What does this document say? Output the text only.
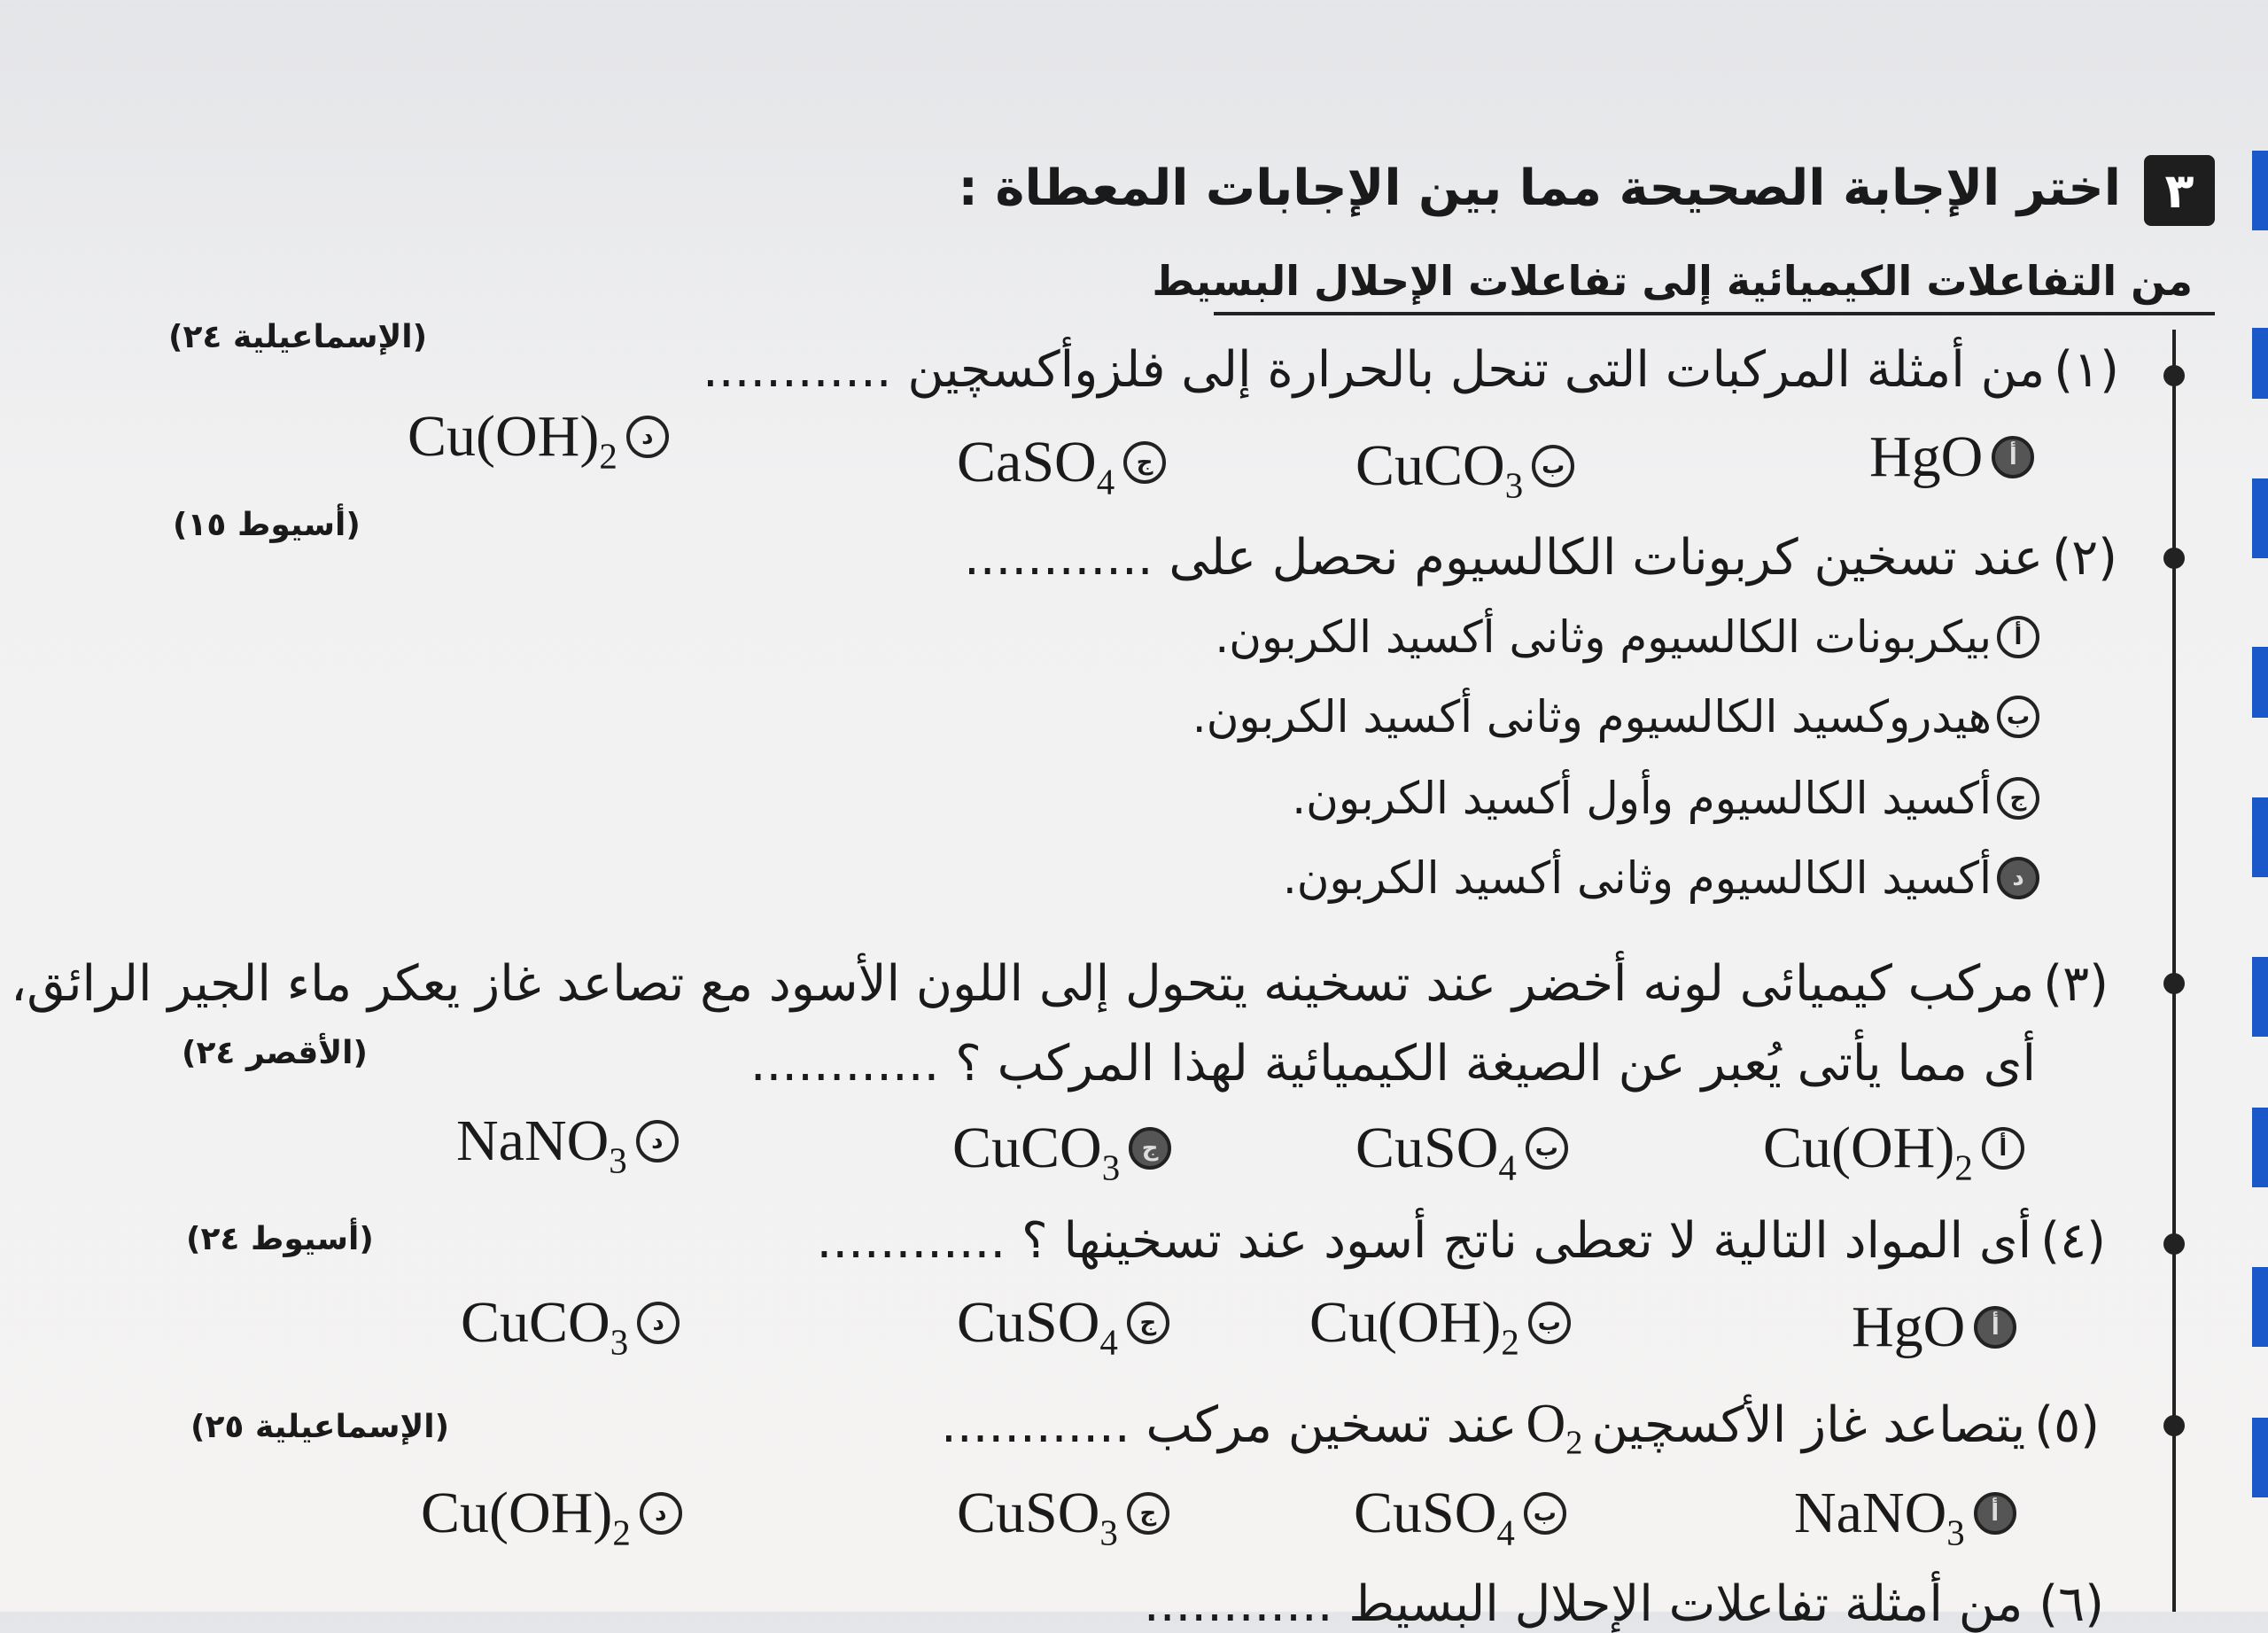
٣
اختر الإجابة الصحيحة مما بين الإجابات المعطاة :
من التفاعلات الكيميائية إلى تفاعلات الإحلال البسيط
(الإسماعيلية ٢٤)
(١)
من أمثلة المركبات التى تنحل بالحرارة إلى فلزوأكسچين ............
HgO	أ
CuCO$_3$ ب
CaSO$_4$ ج
$Cu(OH)_2$	د
(أسيوط ١٥)
(٢)
عند تسخين كربونات الكالسيوم نحصل على ............
أ
بيكربونات الكالسيوم وثانى أكسيد الكربون.
ب
هيدروكسيد الكالسيوم وثانى أكسيد الكربون.
ج
أكسيد الكالسيوم وأول أكسيد الكربون.
د
أكسيد الكالسيوم وثانى أكسيد الكربون.
(٣)
مركب كيميائى لونه أخضر عند تسخينه يتحول إلى اللون الأسود مع تصاعد غاز يعكر ماء الجير الرائق،
(الأقصر ٢٤)	أى مما يأتى يُعبر عن الصيغة الكيميائية لهذا المركب ؟ ............
$Cu(OH)_2$	أ
CuSO$_4$ ب
CuCO$_3$ ج
NaNO$_3$	د
(أسيوط ٢٤)	(٤)
أى المواد التالية لا تعطى ناتج أسود عند تسخينها ؟ ............
HgO	أ
$Cu(OH)_2$ ب
CuSO$_4$ ج
CuCO$_3$	د
(الإسماعيلية ٢٥)	(٥)
يتصاعد غاز الأكسچين
$O_2$
عند تسخين مركب ............
NaNO$_3$	أ
CuSO$_4$ ب
CuSO$_3$ ج
$Cu(OH)_2$	د
(٦) من أمثلة تفاعلات الإحلال البسيط ............
